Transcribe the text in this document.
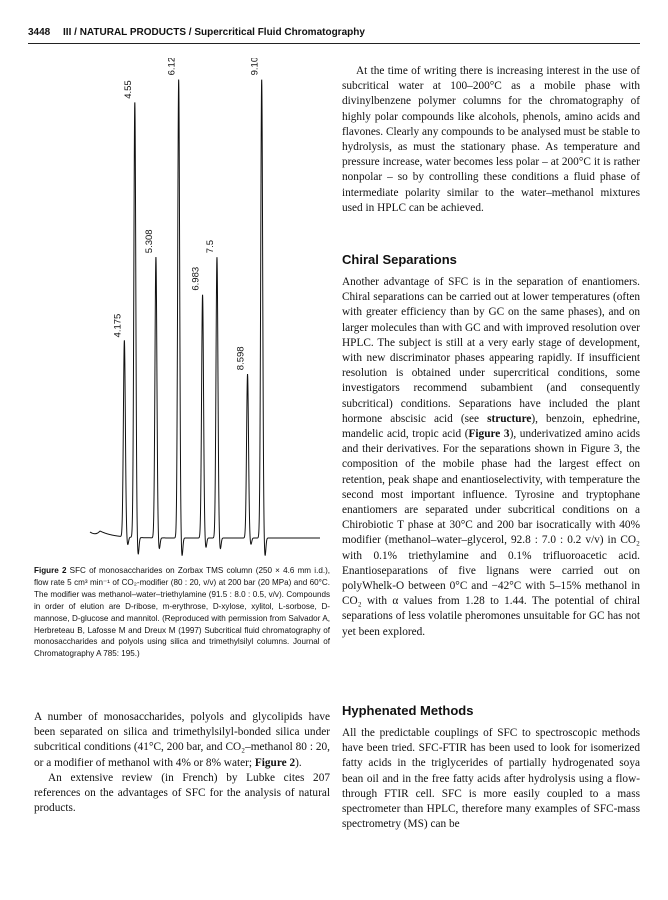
3448 III / NATURAL PRODUCTS / Supercritical Fluid Chromatography
4.175
4.55
5.308
6.125
6.983
7.5
8.598
9.106
Figure 2 SFC of monosaccharides on Zorbax TMS column (250 × 4.6 mm i.d.), flow rate 5 cm³ min⁻¹ of CO₂-modifier (80 : 20, v/v) at 200 bar (20 MPa) and 60°C. The modifier was methanol–water–triethylamine (91.5 : 8.0 : 0.5, v/v). Compounds in order of elution are D-ribose, m-erythrose, D-xylose, xylitol, L-sorbose, D-mannose, D-glucose and mannitol. (Reproduced with permission from Salvador A, Herbreteau B, Lafosse M and Dreux M (1997) Subcritical fluid chromatography of monosaccharides and polyols using silica and trimethylsilyl columns. Journal of Chromatography A 785: 195.)

A number of monosaccharides, polyols and glycolipids have been separated on silica and trimethylsilyl-bonded silica under subcritical conditions (41°C, 200 bar, and CO₂–methanol 80 : 20, or a modifier of methanol with 4% or 8% water; Figure 2).

An extensive review (in French) by Lubke cites 207 references on the advantages of SFC for the analysis of natural products.

At the time of writing there is increasing interest in the use of subcritical water at 100–200°C as a mobile phase with divinylbenzene polymer columns for the chromatography of highly polar compounds like alcohols, phenols, amino acids and flavones. Clearly any compounds to be analysed must be stable to hydrolysis, as must the stationary phase. As temperature and pressure increase, water becomes less polar – at 200°C it is rather nonpolar – so by controlling these conditions a fluid phase of intermediate polarity similar to the water–methanol mixtures used in HPLC can be achieved.

Chiral Separations

Another advantage of SFC is in the separation of enantiomers. Chiral separations can be carried out at lower temperatures (often with greater efficiency than by GC on the same phases), and on larger molecules than with GC and with improved resolution over HPLC. The subject is still at a very early stage of development, with new discriminator phases appearing rapidly. If insufficient resolution is obtained under supercritical conditions, some investigators recommend subambient (and consequently subcritical) conditions. Separations have included the plant hormone abscisic acid (see structure), benzoin, ephedrine, mandelic acid, tropic acid (Figure 3), underivatized amino acids and their derivatives. For the separations shown in Figure 3, the composition of the mobile phase had the largest effect on retention, peak shape and enantioselectivity, with temperature the second most important influence. Tyrosine and tryptophane enantiomers are separated under subcritical conditions on a Chirobiotic T phase at 30°C and 200 bar isocratically with 40% modifier (methanol–water–glycerol, 92.8 : 7.0 : 0.2 v/v) in CO₂ with 0.1% triethylamine and 0.1% trifluoroacetic acid. Enantioseparations of five lignans were carried out on polyWhelk-O between 0°C and −42°C with 5–15% methanol in CO₂ with α values from 1.28 to 1.44. The potential of chiral separations of less volatile pheromones unsuitable for GC has not yet been explored.

Hyphenated Methods

All the predictable couplings of SFC to spectroscopic methods have been tried. SFC-FTIR has been used to look for isomerized fatty acids in the triglycerides of partially hydrogenated soya bean oil and in the free fatty acids after hydrolysis using a flow-through FTIR cell. SFC is more easily coupled to a mass spectrometer than HPLC, therefore many examples of SFC-mass spectrometry (MS) can be
